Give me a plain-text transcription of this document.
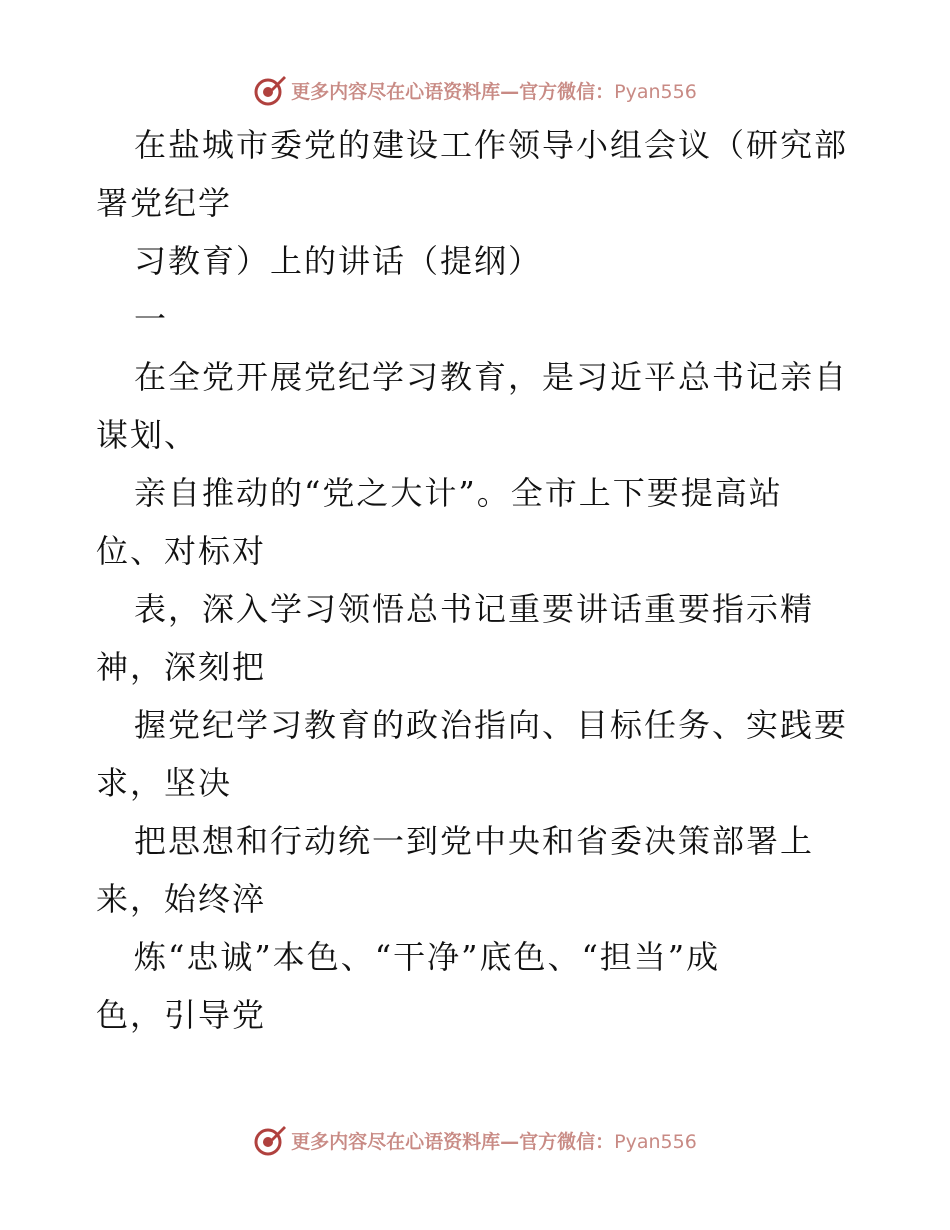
更多内容尽在心语资料库—官方微信：Pyan556
在盐城市委党的建设工作领导小组会议（研究部
署党纪学
习教育）上的讲话（提纲）
一
在全党开展党纪学习教育，是习近平总书记亲自
谋划、
亲自推动的“党之大计”。全市上下要提高站
位、对标对
表，深入学习领悟总书记重要讲话重要指示精
神，深刻把
握党纪学习教育的政治指向、目标任务、实践要
求，坚决
把思想和行动统一到党中央和省委决策部署上
来，始终淬
炼“忠诚”本色、“干净”底色、“担当”成
色，引导党
更多内容尽在心语资料库—官方微信：Pyan556
